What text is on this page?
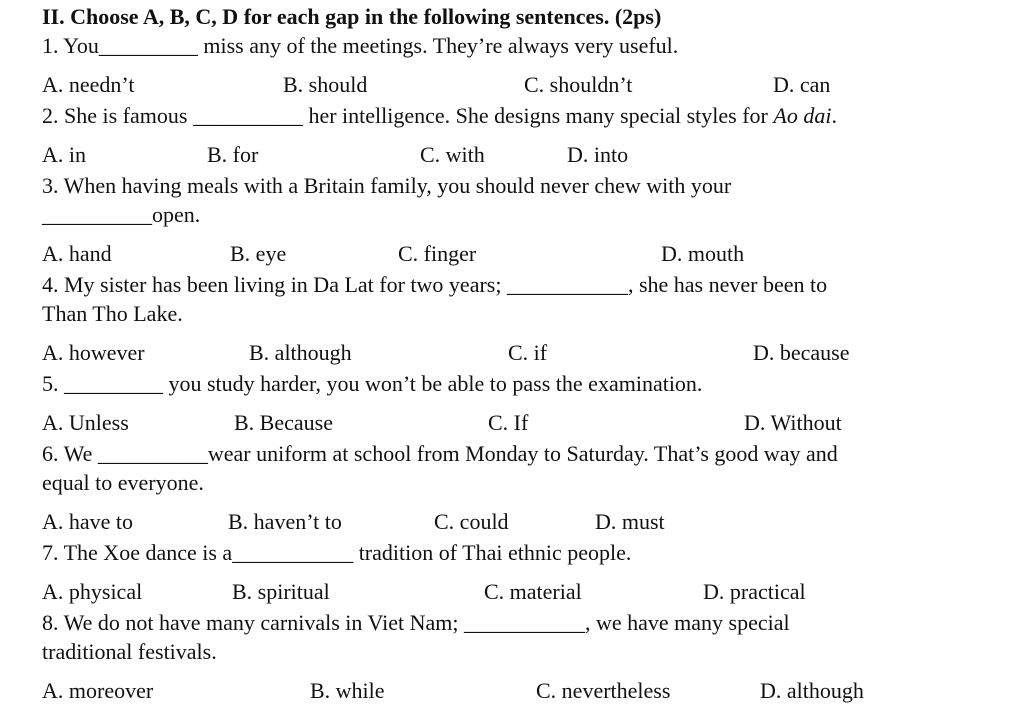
II. Choose A, B, C, D for each gap in the following sentences. (2ps)
1. You_________ miss any of the meetings. They’re always very useful.
A. needn’t	B. should	C. shouldn’t	D. can
2. She is famous __________ her intelligence. She designs many special styles for Ao dai.
A. in	B. for	C. with	D. into
3. When having meals with a Britain family, you should never chew with your
__________open.
A. hand	B. eye	C. finger	D. mouth
4. My sister has been living in Da Lat for two years; ___________, she has never been to
Than Tho Lake.
A. however	B. although	C. if	D. because
5. _________ you study harder, you won’t be able to pass the examination.
A. Unless	B. Because	C. If	D. Without
6. We __________wear uniform at school from Monday to Saturday. That’s good way and
equal to everyone.
A. have to	B. haven’t to	C. could	D. must
7. The Xoe dance is a___________ tradition of Thai ethnic people.
A. physical	B. spiritual	C. material	D. practical
8. We do not have many carnivals in Viet Nam; ___________, we have many special
traditional festivals.
A. moreover	B. while	C. nevertheless	D. although
